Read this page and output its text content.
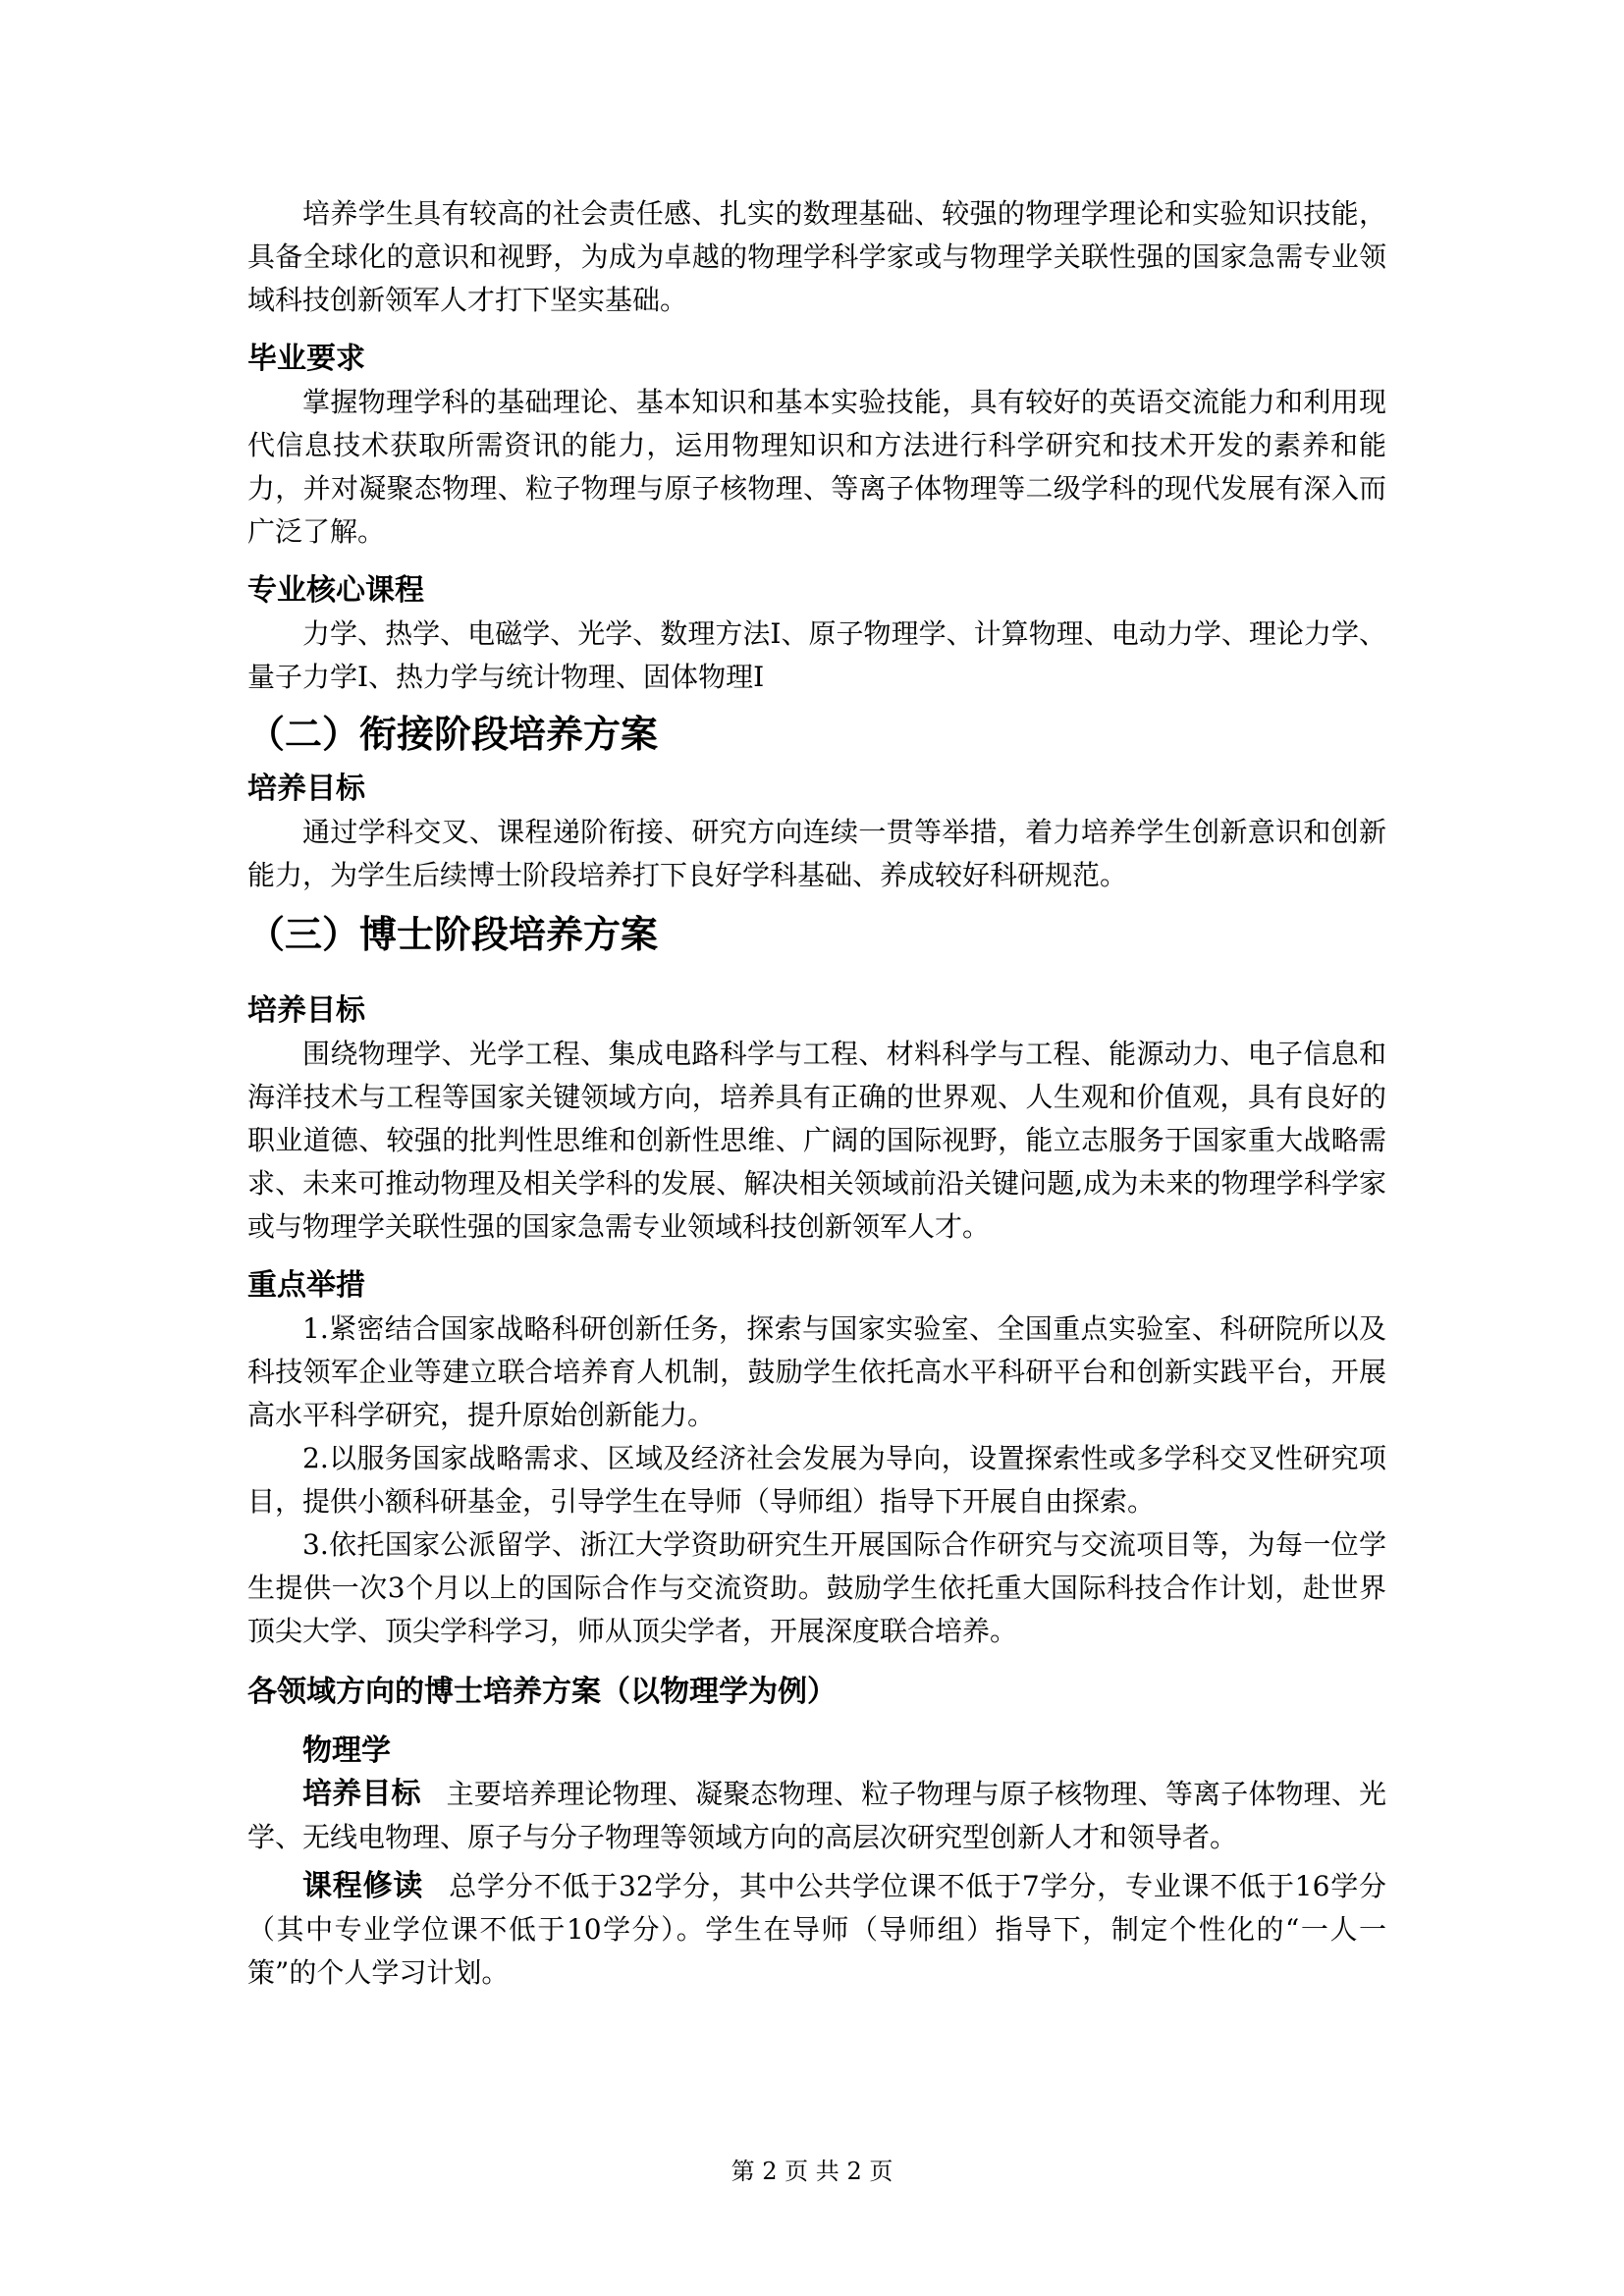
培养学生具有较高的社会责任感、扎实的数理基础、较强的物理学理论和实验知识技能，具备全球化的意识和视野，为成为卓越的物理学科学家或与物理学关联性强的国家急需专业领域科技创新领军人才打下坚实基础。

毕业要求

掌握物理学科的基础理论、基本知识和基本实验技能，具有较好的英语交流能力和利用现代信息技术获取所需资讯的能力，运用物理知识和方法进行科学研究和技术开发的素养和能力，并对凝聚态物理、粒子物理与原子核物理、等离子体物理等二级学科的现代发展有深入而广泛了解。

专业核心课程

力学、热学、电磁学、光学、数理方法Ⅰ、原子物理学、计算物理、电动力学、理论力学、量子力学Ⅰ、热力学与统计物理、固体物理Ⅰ

（二）衔接阶段培养方案
培养目标

通过学科交叉、课程递阶衔接、研究方向连续一贯等举措，着力培养学生创新意识和创新能力，为学生后续博士阶段培养打下良好学科基础、养成较好科研规范。

（三）博士阶段培养方案
培养目标

围绕物理学、光学工程、集成电路科学与工程、材料科学与工程、能源动力、电子信息和海洋技术与工程等国家关键领域方向，培养具有正确的世界观、人生观和价值观，具有良好的职业道德、较强的批判性思维和创新性思维、广阔的国际视野，能立志服务于国家重大战略需求、未来可推动物理及相关学科的发展、解决相关领域前沿关键问题,成为未来的物理学科学家或与物理学关联性强的国家急需专业领域科技创新领军人才。

重点举措

1.紧密结合国家战略科研创新任务，探索与国家实验室、全国重点实验室、科研院所以及科技领军企业等建立联合培养育人机制，鼓励学生依托高水平科研平台和创新实践平台，开展高水平科学研究，提升原始创新能力。

2.以服务国家战略需求、区域及经济社会发展为导向，设置探索性或多学科交叉性研究项目，提供小额科研基金，引导学生在导师（导师组）指导下开展自由探索。

3.依托国家公派留学、浙江大学资助研究生开展国际合作研究与交流项目等，为每一位学生提供一次3个月以上的国际合作与交流资助。鼓励学生依托重大国际科技合作计划，赴世界顶尖大学、顶尖学科学习，师从顶尖学者，开展深度联合培养。

各领域方向的博士培养方案（以物理学为例）
物理学

培养目标 主要培养理论物理、凝聚态物理、粒子物理与原子核物理、等离子体物理、光学、无线电物理、原子与分子物理等领域方向的高层次研究型创新人才和领导者。

课程修读 总学分不低于32学分，其中公共学位课不低于7学分，专业课不低于16学分（其中专业学位课不低于10学分）。学生在导师（导师组）指导下，制定个性化的“一人一策”的个人学习计划。

第 2 页 共 2 页
